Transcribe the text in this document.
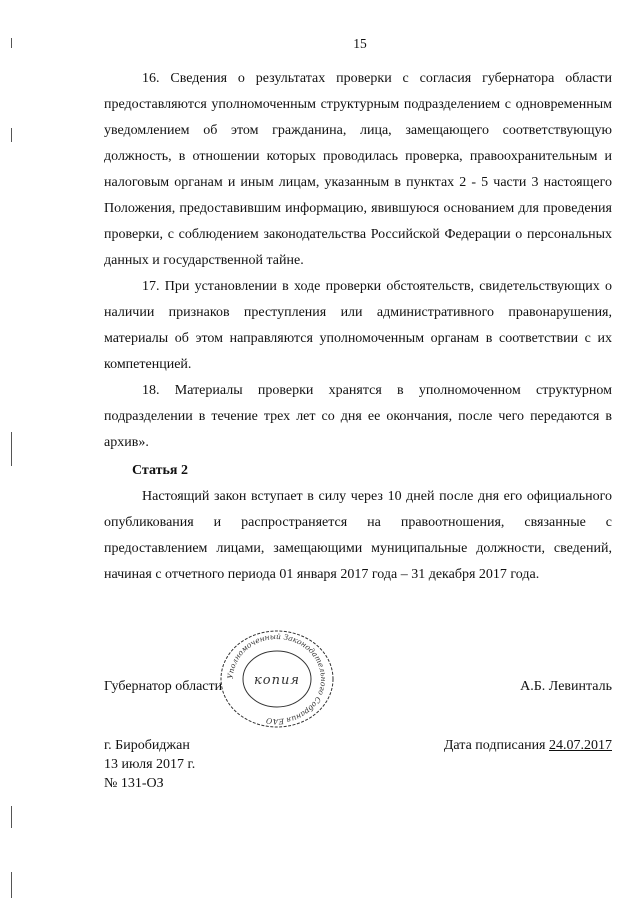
15

16. Сведения о результатах проверки с согласия губернатора области предоставляются уполномоченным структурным подразделением с одновременным уведомлением об этом гражданина, лица, замещающего соответствующую должность, в отношении которых проводилась проверка, правоохранительным и налоговым органам и иным лицам, указанным в пунктах 2 - 5 части 3 настоящего Положения, предоставившим информацию, явившуюся основанием для проведения проверки, с соблюдением законодательства Российской Федерации о персональных данных и государственной тайне.

17. При установлении в ходе проверки обстоятельств, свидетельствующих о наличии признаков преступления или административного правонарушения, материалы об этом направляются уполномоченным органам в соответствии с их компетенцией.

18. Материалы проверки хранятся в уполномоченном структурном подразделении в течение трех лет со дня ее окончания, после чего передаются в архив».

Статья 2

Настоящий закон вступает в силу через 10 дней после дня его официального опубликования и распространяется на правоотношения, связанные с предоставлением лицами, замещающими муниципальные должности, сведений, начиная с отчетного периода 01 января 2017 года – 31 декабря 2017 года.

Губернатор области	А.Б. Левинталь
Уполномоченный Законодательного Собрания ЕАО
копия
г. Биробиджан
13 июля 2017 г.
№ 131-ОЗ
Дата подписания 24.07.2017
